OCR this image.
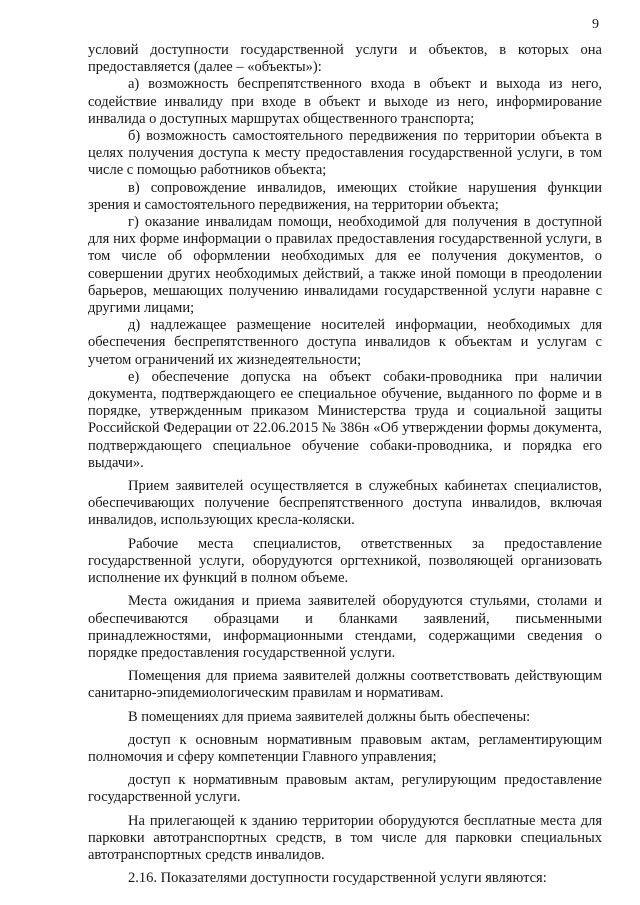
9

условий доступности государственной услуги и объектов, в которых она предоставляется (далее – «объекты»):

а) возможность беспрепятственного входа в объект и выхода из него, содействие инвалиду при входе в объект и выходе из него, информирование инвалида о доступных маршрутах общественного транспорта;

б) возможность самостоятельного передвижения по территории объекта в целях получения доступа к месту предоставления государственной услуги, в том числе с помощью работников объекта;

в) сопровождение инвалидов, имеющих стойкие нарушения функции зрения и самостоятельного передвижения, на территории объекта;

г) оказание инвалидам помощи, необходимой для получения в доступной для них форме информации о правилах предоставления государственной услуги, в том числе об оформлении необходимых для ее получения документов, о совершении других необходимых действий, а также иной помощи в преодолении барьеров, мешающих получению инвалидами государственной услуги наравне с другими лицами;

д) надлежащее размещение носителей информации, необходимых для обеспечения беспрепятственного доступа инвалидов к объектам и услугам с учетом ограничений их жизнедеятельности;

е) обеспечение допуска на объект собаки-проводника при наличии документа, подтверждающего ее специальное обучение, выданного по форме и в порядке, утвержденным приказом Министерства труда и социальной защиты Российской Федерации от 22.06.2015 № 386н «Об утверждении формы документа, подтверждающего специальное обучение собаки-проводника, и порядка его выдачи».

Прием заявителей осуществляется в служебных кабинетах специалистов, обеспечивающих получение беспрепятственного доступа инвалидов, включая инвалидов, использующих кресла-коляски.

Рабочие места специалистов, ответственных за предоставление государственной услуги, оборудуются оргтехникой, позволяющей организовать исполнение их функций в полном объеме.

Места ожидания и приема заявителей оборудуются стульями, столами и обеспечиваются образцами и бланками заявлений, письменными принадлежностями, информационными стендами, содержащими сведения о порядке предоставления государственной услуги.

Помещения для приема заявителей должны соответствовать действующим санитарно-эпидемиологическим правилам и нормативам.

В помещениях для приема заявителей должны быть обеспечены:

доступ к основным нормативным правовым актам, регламентирующим полномочия и сферу компетенции Главного управления;

доступ к нормативным правовым актам, регулирующим предоставление государственной услуги.

На прилегающей к зданию территории оборудуются бесплатные места для парковки автотранспортных средств, в том числе для парковки специальных автотранспортных средств инвалидов.

2.16. Показателями доступности государственной услуги являются:
